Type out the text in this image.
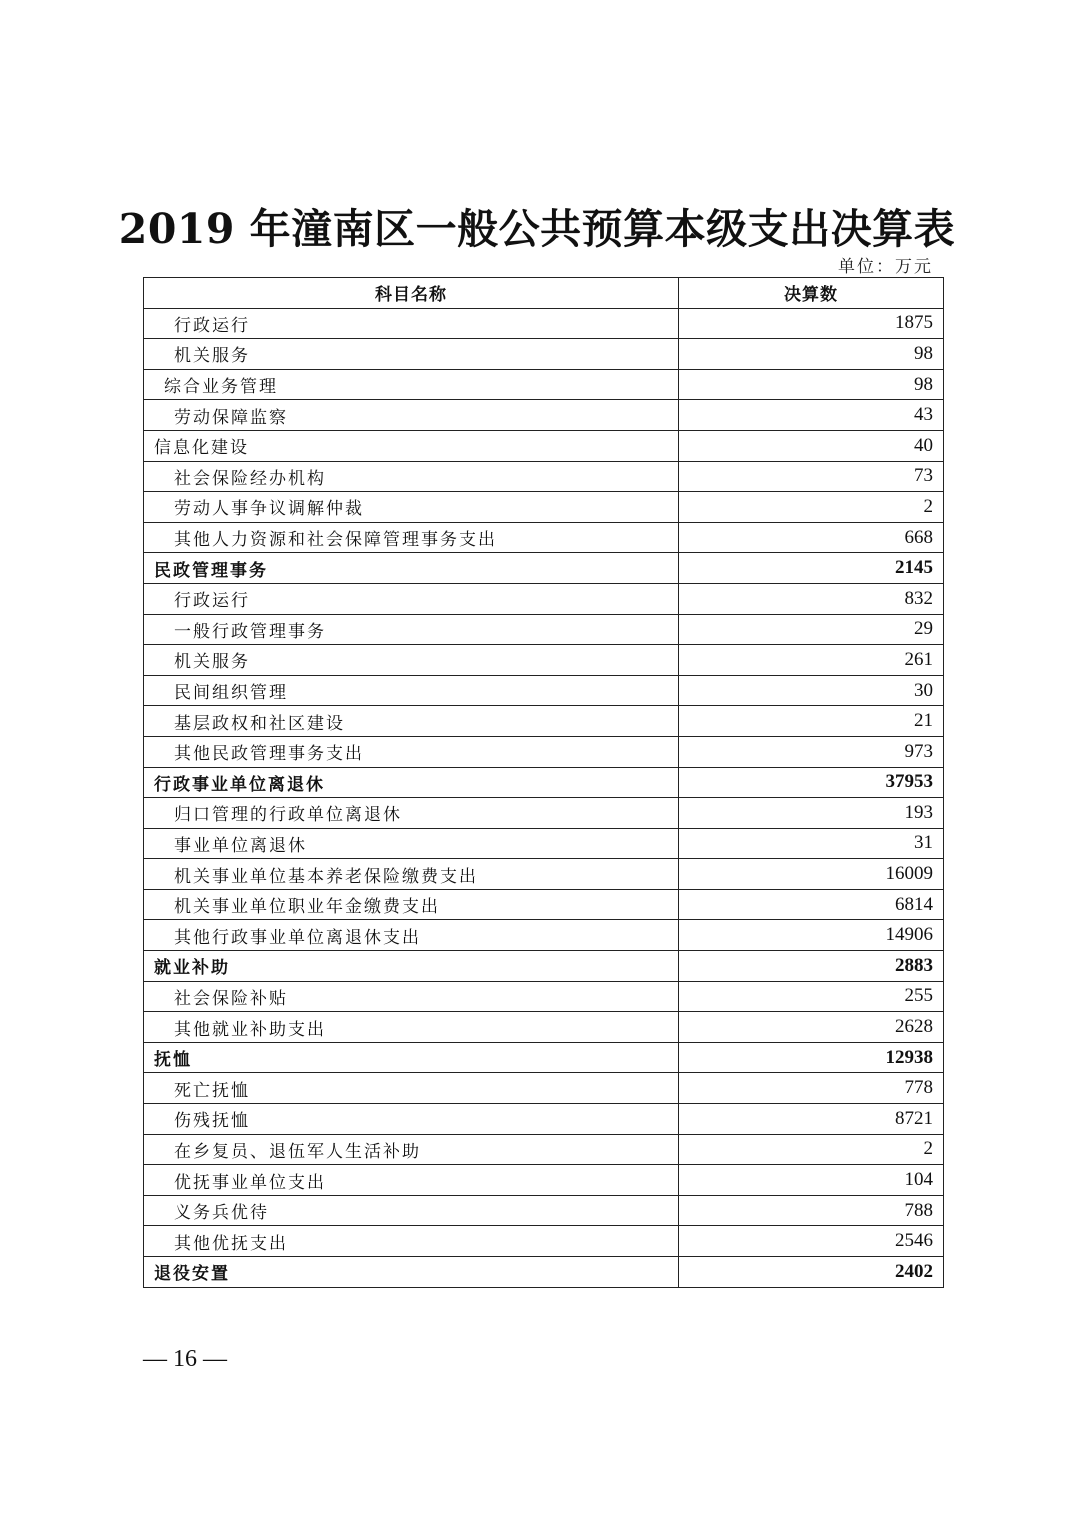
2019 年潼南区一般公共预算本级支出决算表
单位：万元
科目名称	决算数
行政运行	1875
机关服务	98
综合业务管理	98
劳动保障监察	43
信息化建设	40
社会保险经办机构	73
劳动人事争议调解仲裁	2
其他人力资源和社会保障管理事务支出	668
民政管理事务	2145
行政运行	832
一般行政管理事务	29
机关服务	261
民间组织管理	30
基层政权和社区建设	21
其他民政管理事务支出	973
行政事业单位离退休	37953
归口管理的行政单位离退休	193
事业单位离退休	31
机关事业单位基本养老保险缴费支出	16009
机关事业单位职业年金缴费支出	6814
其他行政事业单位离退休支出	14906
就业补助	2883
社会保险补贴	255
其他就业补助支出	2628
抚恤	12938
死亡抚恤	778
伤残抚恤	8721
在乡复员、退伍军人生活补助	2
优抚事业单位支出	104
义务兵优待	788
其他优抚支出	2546
退役安置	2402
— 16 —
